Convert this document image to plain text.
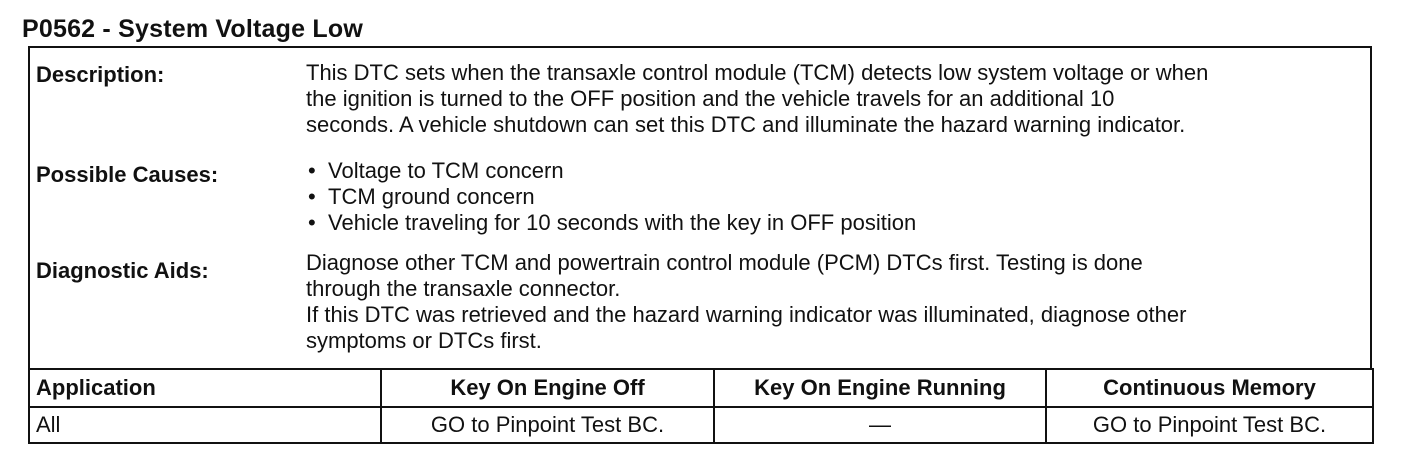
P0562 - System Voltage Low

Description:	This DTC sets when the transaxle control module (TCM) detects low system voltage or when
the ignition is turned to the OFF position and the vehicle travels for an additional 10
seconds. A vehicle shutdown can set this DTC and illuminate the hazard warning indicator.

Possible Causes:	• Voltage to TCM concern
• TCM ground concern
• Vehicle traveling for 10 seconds with the key in OFF position

Diagnostic Aids:	Diagnose other TCM and powertrain control module (PCM) DTCs first. Testing is done
through the transaxle connector.
If this DTC was retrieved and the hazard warning indicator was illuminated, diagnose other
symptoms or DTCs first.
Application	Key On Engine Off	Key On Engine Running	Continuous Memory
All	GO to Pinpoint Test BC.	—	GO to Pinpoint Test BC.
